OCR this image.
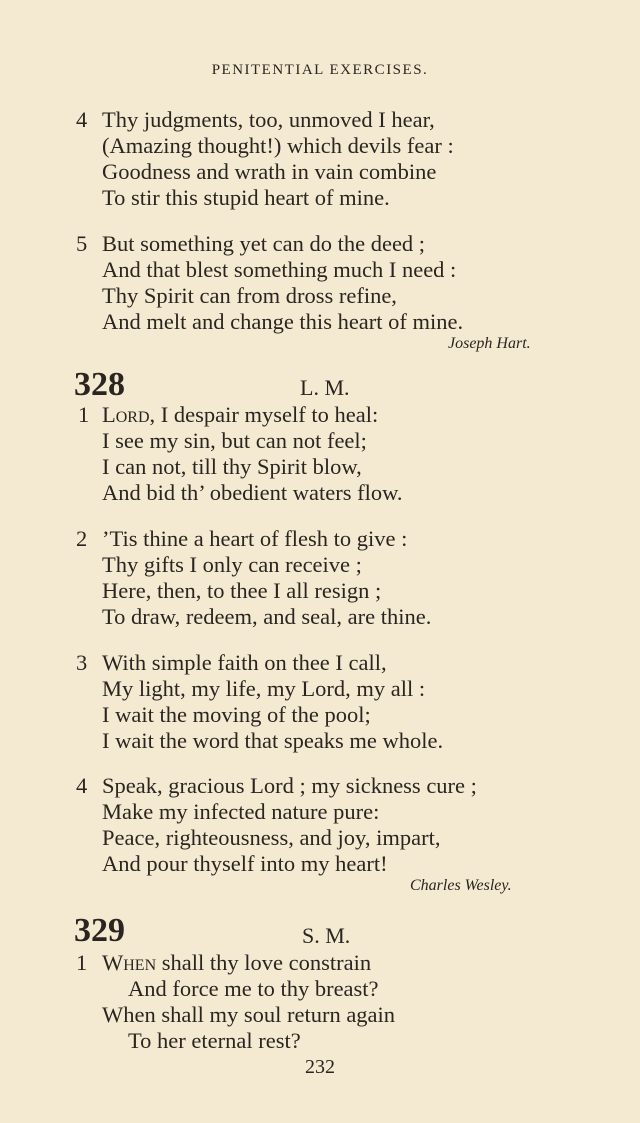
PENITENTIAL EXERCISES.
4 Thy judgments, too, unmoved I hear,
(Amazing thought!) which devils fear :
Goodness and wrath in vain combine
To stir this stupid heart of mine.
5 But something yet can do the deed ;
And that blest something much I need :
Thy Spirit can from dross refine,
And melt and change this heart of mine.
Joseph Hart.
328	L. M.
1 Lord, I despair myself to heal:
I see my sin, but can not feel;
I can not, till thy Spirit blow,
And bid th’ obedient waters flow.
2 ’Tis thine a heart of flesh to give :
Thy gifts I only can receive ;
Here, then, to thee I all resign ;
To draw, redeem, and seal, are thine.
3 With simple faith on thee I call,
My light, my life, my Lord, my all :
I wait the moving of the pool;
I wait the word that speaks me whole.
4 Speak, gracious Lord ; my sickness cure ;
Make my infected nature pure:
Peace, righteousness, and joy, impart,
And pour thyself into my heart!
Charles Wesley.
329	S. M.
1 When shall thy love constrain
And force me to thy breast?
When shall my soul return again
To her eternal rest?
232
